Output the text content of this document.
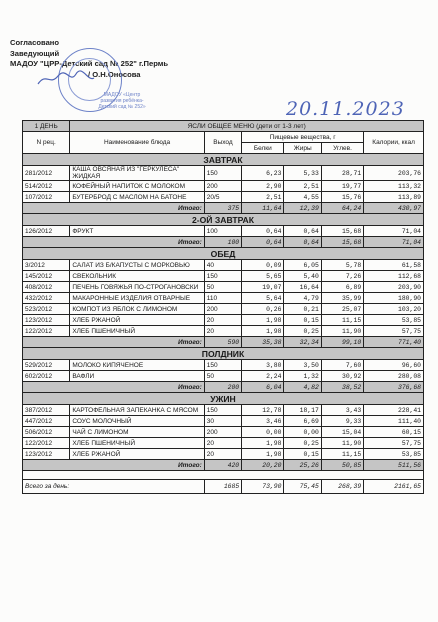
Согласовано
Заведующий
МАДОУ "ЦРР-Детский сад № 252" г.Пермь
/ О.Н.Оносова
МАДОУ «Центр развития ребёнка-Детский сад № 252»	20.11.2023
1 ДЕНЬ	ЯСЛИ ОБЩЕЕ МЕНЮ (дети от 1-3 лет)					
N рец.	Наименование блюда	Выход	Пищевые вещества, г			Калории, ккал
			Белки	Жиры	Углев.	
ЗАВТРАК						
281/2012	КАША ОВСЯНАЯ ИЗ "ГЕРКУЛЕСА" ЖИДКАЯ	150	6,23	5,33	28,71	203,76
514/2012	КОФЕЙНЫЙ НАПИТОК С МОЛОКОМ	200	2,90	2,51	19,77	113,32
107/2012	БУТЕРБРОД С МАСЛОМ НА БАТОНЕ	20/5	2,51	4,55	15,76	113,89
Итого:		375	11,64	12,39	64,24	430,97
2-ОЙ ЗАВТРАК						
126/2012	ФРУКТ	100	0,64	0,64	15,68	71,04
Итого:		100	0,64	0,64	15,68	71,04
ОБЕД						
3/2012	САЛАТ ИЗ Б/КАПУСТЫ С МОРКОВЬЮ	40	0,09	6,05	5,78	61,58
145/2012	СВЕКОЛЬНИК	150	5,65	5,40	7,26	112,68
408/2012	ПЕЧЕНЬ ГОВЯЖЬЯ ПО-СТРОГАНОВСКИ	50	19,07	16,64	6,89	203,90
432/2012	МАКАРОННЫЕ ИЗДЕЛИЯ ОТВАРНЫЕ	110	5,64	4,79	35,99	180,90
523/2012	КОМПОТ ИЗ ЯБЛОК С ЛИМОНОМ	200	0,26	0,21	25,07	103,20
123/2012	ХЛЕБ РЖАНОЙ	20	1,98	0,15	11,15	53,85
122/2012	ХЛЕБ ПШЕНИЧНЫЙ	20	1,98	0,25	11,90	57,75
Итого:		590	35,38	32,34	99,10	771,40
ПОЛДНИК						
529/2012	МОЛОКО КИПЯЧЕНОЕ	150	3,80	3,50	7,60	96,60
602/2012	ВАФЛИ	50	2,24	1,32	30,92	280,08
Итого:		200	6,04	4,82	38,52	376,68
УЖИН						
387/2012	КАРТОФЕЛЬНАЯ ЗАПЕКАНКА С МЯСОМ	150	12,78	18,17	3,43	228,41
447/2012	СОУС МОЛОЧНЫЙ	30	3,46	6,69	9,33	111,40
506/2012	ЧАЙ С ЛИМОНОМ	200	0,00	0,00	15,04	60,15
122/2012	ХЛЕБ ПШЕНИЧНЫЙ	20	1,98	0,25	11,90	57,75
123/2012	ХЛЕБ РЖАНОЙ	20	1,98	0,15	11,15	53,85
Итого:		420	20,20	25,26	50,85	511,56

Всего за день:		1685	73,90	75,45	268,39	2161,65
